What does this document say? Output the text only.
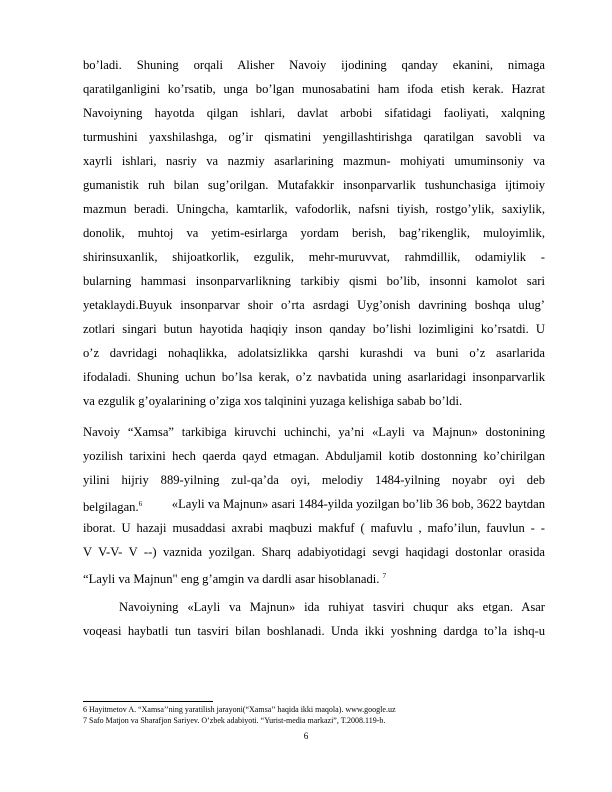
bo’ladi. Shuning orqali Alisher Navoiy ijodining qanday ekanini, nimaga
qaratilganligini ko’rsatib, unga bo’lgan munosabatini ham ifoda etish kerak. Hazrat
Navoiyning hayotda qilgan ishlari, davlat arbobi sifatidagi faoliyati, xalqning
turmushini yaxshilashga, og’ir qismatini yengillashtirishga qaratilgan savobli va
xayrli ishlari, nasriy va nazmiy asarlarining mazmun- mohiyati umuminsoniy va
gumanistik ruh bilan sug’orilgan. Mutafakkir insonparvarlik tushunchasiga ijtimoiy
mazmun beradi. Uningcha, kamtarlik, vafodorlik, nafsni tiyish, rostgo’ylik, saxiylik,
donolik, muhtoj va yetim-esirlarga yordam berish, bag’rikenglik, muloyimlik,
shirinsuxanlik, shijoatkorlik, ezgulik, mehr-muruvvat, rahmdillik, odamiylik -
bularning hammasi insonparvarlikning tarkibiy qismi bo’lib, insonni kamolot sari
yetaklaydi.Buyuk insonparvar shoir o’rta asrdagi Uyg’onish davrining boshqa ulug’
zotlari singari butun hayotida haqiqiy inson qanday bo’lishi lozimligini ko’rsatdi. U
o’z davridagi nohaqlikka, adolatsizlikka qarshi kurashdi va buni o’z asarlarida
ifodaladi. Shuning uchun bo’lsa kerak, o’z navbatida uning asarlaridagi insonparvarlik
va ezgulik g’oyalarining o’ziga xos talqinini yuzaga kelishiga sabab bo’ldi.
Navoiy “Xamsa” tarkibiga kiruvchi uchinchi, ya’ni «Layli va Majnun» dostonining
yozilish tarixini hech qaerda qayd etmagan. Abduljamil kotib dostonning ko’chirilgan
yilini hijriy 889-yilning zul-qa’da oyi, melodiy 1484-yilning noyabr oyi deb
belgilagan.$^6$ «Layli va Majnun» asari 1484-yilda yozilgan bo’lib 36 bob, 3622 baytdan
iborat. U hazaji musaddasi axrabi maqbuzi makfuf ( mafuvlu , mafo’ilun, fauvlun - -
V V-V- V --) vaznida yozilgan. Sharq adabiyotidagi sevgi haqidagi dostonlar orasida
“Layli va Majnun" eng g’amgin va dardli asar hisoblanadi. $^7$
Navoiyning «Layli va Majnun» ida ruhiyat tasviri chuqur aks etgan. Asar
voqeasi haybatli tun tasviri bilan boshlanadi. Unda ikki yoshning dardga to’la ishq-u
6 Hayitmetov A. “Xamsa’’ning yaratilish jarayoni(“Xamsa’’ haqida ikki maqola). www.google.uz
7 Safo Matjon va Sharafjon Sariyev. O’zbek adabiyoti. “Yurist-media markazi”, T.2008.119-b.
6
